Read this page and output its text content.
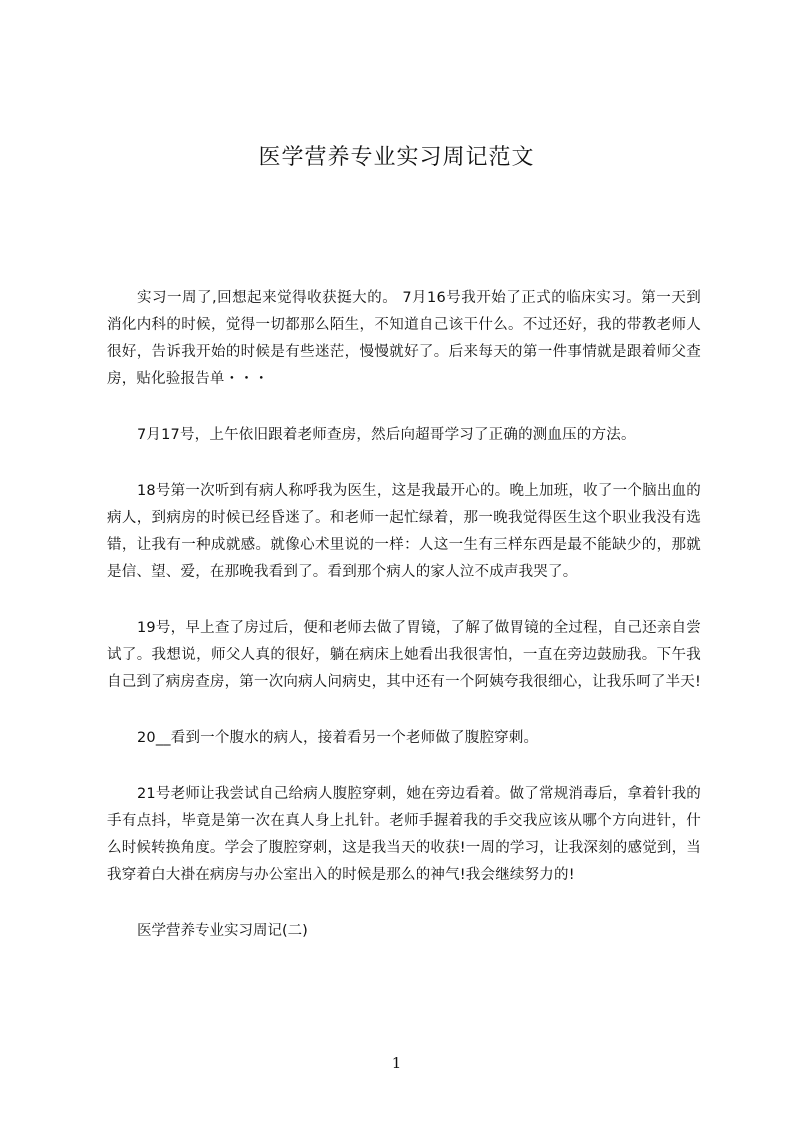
医学营养专业实习周记范文

实习一周了,回想起来觉得收获挺大的。 7月16号我开始了正式的临床实习。第一天到消化内科的时候，觉得一切都那么陌生，不知道自己该干什么。不过还好，我的带教老师人很好，告诉我开始的时候是有些迷茫，慢慢就好了。后来每天的第一件事情就是跟着师父查房，贴化验报告单・・・

7月17号，上午依旧跟着老师查房，然后向超哥学习了正确的测血压的方法。

18号第一次听到有病人称呼我为医生，这是我最开心的。晚上加班，收了一个脑出血的病人，到病房的时候已经昏迷了。和老师一起忙绿着，那一晚我觉得医生这个职业我没有选错，让我有一种成就感。就像心术里说的一样：人这一生有三样东西是最不能缺少的，那就是信、望、爱，在那晚我看到了。看到那个病人的家人泣不成声我哭了。

19号，早上查了房过后，便和老师去做了胃镜，了解了做胃镜的全过程，自己还亲自尝试了。我想说，师父人真的很好，躺在病床上她看出我很害怕，一直在旁边鼓励我。下午我自己到了病房查房，第一次向病人问病史，其中还有一个阿姨夸我很细心，让我乐呵了半天!

20__看到一个腹水的病人，接着看另一个老师做了腹腔穿刺。

21号老师让我尝试自己给病人腹腔穿刺，她在旁边看着。做了常规消毒后，拿着针我的手有点抖，毕竟是第一次在真人身上扎针。老师手握着我的手交我应该从哪个方向进针，什么时候转换角度。学会了腹腔穿刺，这是我当天的收获!一周的学习，让我深刻的感觉到，当我穿着白大褂在病房与办公室出入的时候是那么的神气!我会继续努力的!

医学营养专业实习周记(二)

1
